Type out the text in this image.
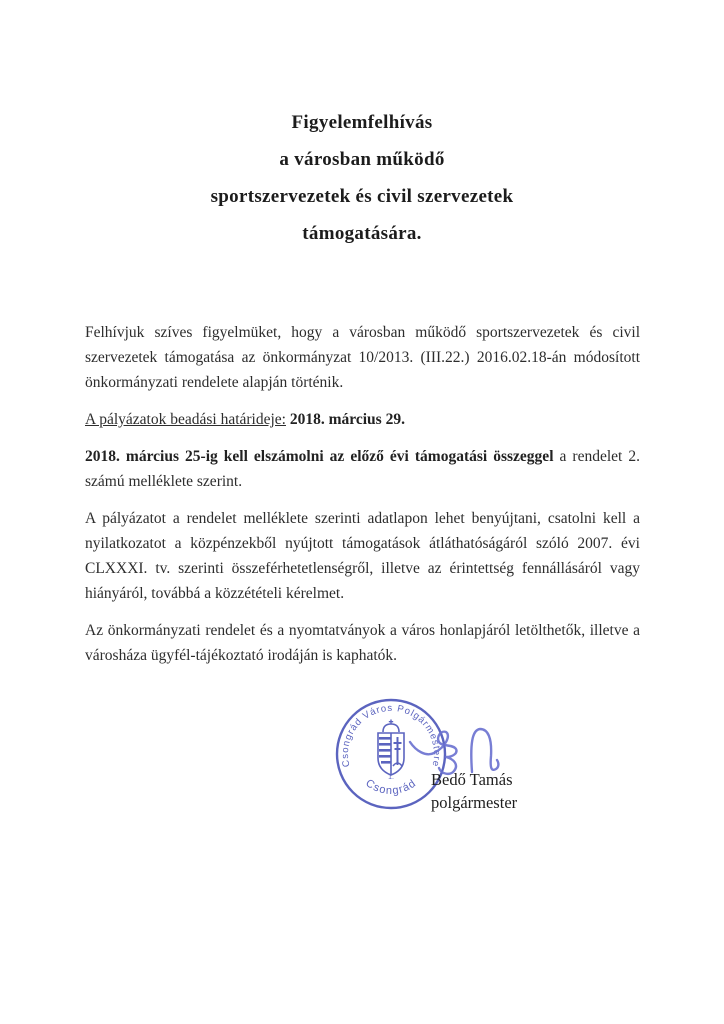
Figyelemfelhívás
a városban működő
sportszervezetek és civil szervezetek
támogatására.

Felhívjuk szíves figyelmüket, hogy a városban működő sportszervezetek és civil szervezetek támogatása az önkormányzat 10/2013. (III.22.) 2016.02.18-án módosított önkormányzati rendelete alapján történik.

A pályázatok beadási határideje: 2018. március 29.

2018. március 25-ig kell elszámolni az előző évi támogatási összeggel a rendelet 2. számú melléklete szerint.

A pályázatot a rendelet melléklete szerinti adatlapon lehet benyújtani, csatolni kell a nyilatkozatot a közpénzekből nyújtott támogatások átláthatóságáról szóló 2007. évi CLXXXI. tv. szerinti összeférhetetlenségről, illetve az érintettség fennállásáról vagy hiányáról, továbbá a közzétételi kérelmet.

Az önkormányzati rendelet és a nyomtatványok a város honlapjáról letölthetők, illetve a városháza ügyfél-tájékoztató irodáján is kaphatók.

Csongrád Város Polgármestere
Csongrád
1. Bedő Tamás
polgármester
